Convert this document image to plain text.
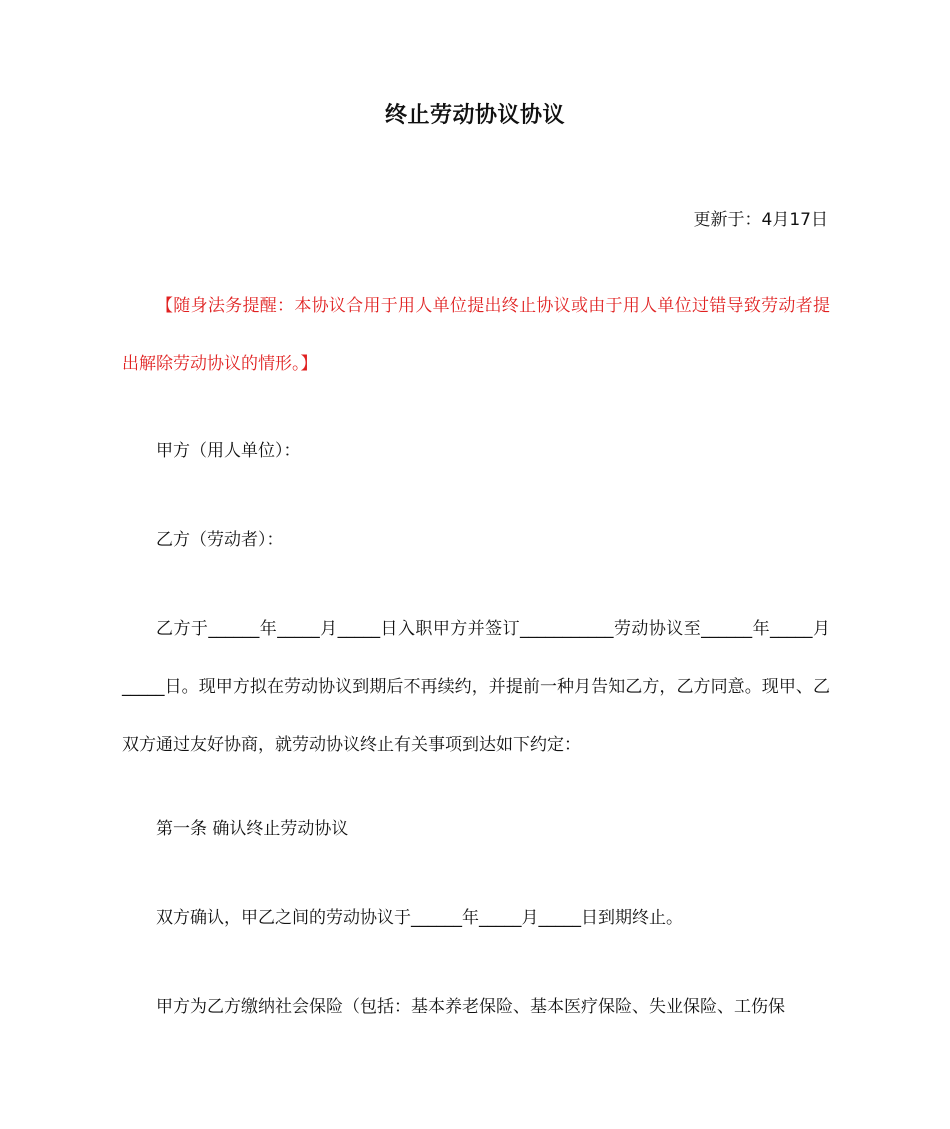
终止劳动协议协议
更新于：4月17日
【随身法务提醒：本协议合用于用人单位提出终止协议或由于用人单位过错导致劳动者提出解除劳动协议的情形。】
甲方（用人单位）：
乙方（劳动者）：
乙方于______年_____月_____日入职甲方并签订___________劳动协议至______年_____月_____日。现甲方拟在劳动协议到期后不再续约，并提前一种月告知乙方，乙方同意。现甲、乙双方通过友好协商，就劳动协议终止有关事项到达如下约定：
第一条 确认终止劳动协议
双方确认，甲乙之间的劳动协议于______年_____月_____日到期终止。
甲方为乙方缴纳社会保险（包括：基本养老保险、基本医疗保险、失业保险、工伤保
